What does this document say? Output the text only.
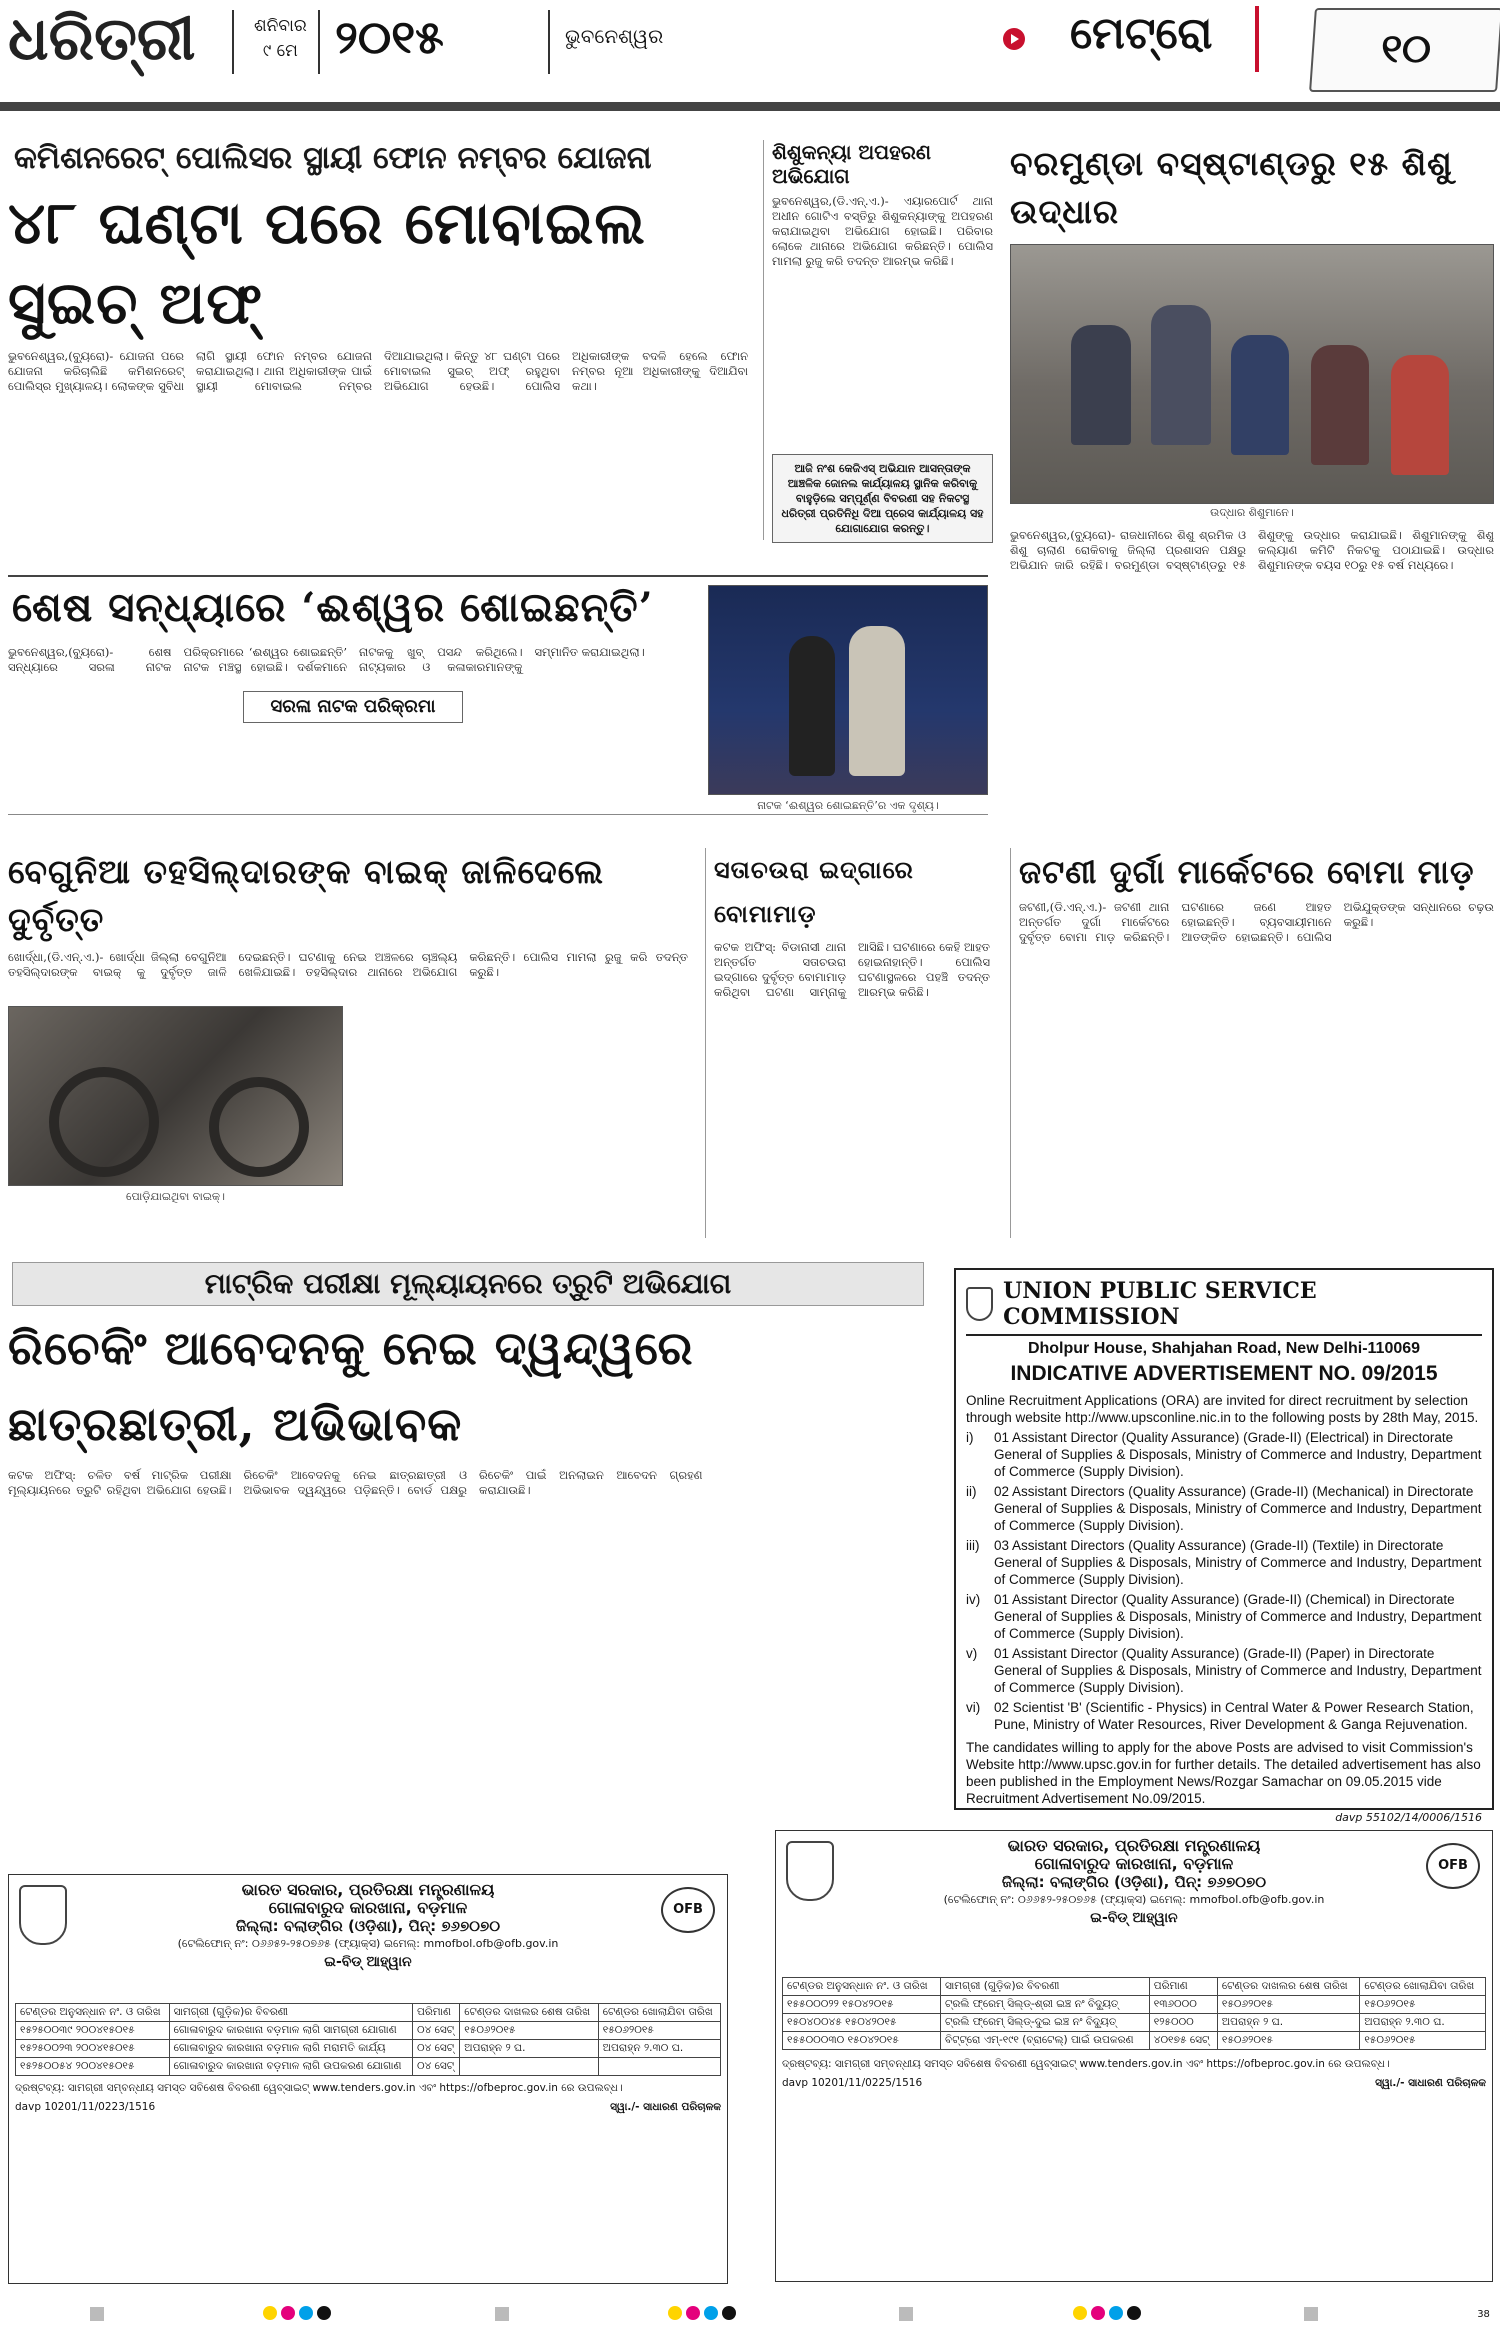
ଧରିତ୍ରୀ	ଶନିବାର
୯ ମେ ୨୦୧୫	ଭୁବନେଶ୍ୱର	ମେଟ୍ରୋ	୧୦
କମିଶନରେଟ୍ ପୋଲିସର ସ୍ଥାୟୀ ଫୋନ ନମ୍ବର ଯୋଜନା
୪୮ ଘଣ୍ଟା ପରେ ମୋବାଇଲ ସୁଇଚ୍ ଅଫ୍

ଭୁବନେଶ୍ୱର,(ବ୍ୟୁରୋ)- ଯୋଜନା ପରେ ଯୋଜନା କରିଚାଲିଛି କମିଶନରେଟ୍ ପୋଲିସ୍ର ମୁଖ୍ୟାଳୟ। ଲୋକଙ୍କ ସୁବିଧା ଲାଗି ସ୍ଥାୟୀ ଫୋନ ନମ୍ବର ଯୋଜନା କରାଯାଇଥିଲା। ଥାନା ଅଧିକାରୀଙ୍କ ପାଇଁ ସ୍ଥାୟୀ ମୋବାଇଲ ନମ୍ବର ଦିଆଯାଇଥିଲା। କିନ୍ତୁ ୪୮ ଘଣ୍ଟା ପରେ ମୋବାଇଲ ସୁଇଚ୍ ଅଫ୍ ରହୁଥିବା ଅଭିଯୋଗ ହେଉଛି। ପୋଲିସ ଅଧିକାରୀଙ୍କ ବଦଳି ହେଲେ ଫୋନ ନମ୍ବର ନୂଆ ଅଧିକାରୀଙ୍କୁ ଦିଆଯିବା କଥା।

ଶିଶୁକନ୍ୟା ଅପହରଣ ଅଭିଯୋଗ

ଭୁବନେଶ୍ୱର,(ଡି.ଏନ୍.ଏ.)- ଏୟାରପୋର୍ଟ ଥାନା ଅଧୀନ ଗୋଟିଏ ବସ୍ତିରୁ ଶିଶୁକନ୍ୟାଙ୍କୁ ଅପହରଣ କରାଯାଇଥିବା ଅଭିଯୋଗ ହୋଇଛି। ପରିବାର ଲୋକେ ଥାନାରେ ଅଭିଯୋଗ କରିଛନ୍ତି। ପୋଲିସ ମାମଲା ରୁଜୁ କରି ତଦନ୍ତ ଆରମ୍ଭ କରିଛି।

ଆଜି ନଂଶ କେଜିଏସ୍ ଅଭିଯାନ ଆସନ୍ତାଙ୍କ ଆଞ୍ଚଳିକ ଜୋନଲ କାର୍ଯ୍ୟାଳୟ ସ୍ଥାନିକ କରିବାକୁ ବାହୁଡ଼ିଲେ ସମ୍ପୂର୍ଣ୍ଣ ବିବରଣୀ ସହ ନିକଟସ୍ଥ ଧରିତ୍ରୀ ପ୍ରତିନିଧି ଦିଆ ପ୍ରେସ କାର୍ଯ୍ୟାଳୟ ସହ ଯୋଗାଯୋଗ କରନ୍ତୁ।
ବରମୁଣ୍ଡା ବସ୍ଷ୍ଟାଣ୍ଡରୁ ୧୫ ଶିଶୁ ଉଦ୍ଧାର
ଉଦ୍ଧାର ଶିଶୁମାନେ।

ଭୁବନେଶ୍ୱର,(ବ୍ୟୁରୋ)- ରାଜଧାନୀରେ ଶିଶୁ ଶ୍ରମିକ ଓ ଶିଶୁ ଚାଲାଣ ରୋକିବାକୁ ଜିଲ୍ଲା ପ୍ରଶାସନ ପକ୍ଷରୁ ଅଭିଯାନ ଜାରି ରହିଛି। ବରମୁଣ୍ଡା ବସ୍ଷ୍ଟାଣ୍ଡରୁ ୧୫ ଶିଶୁଙ୍କୁ ଉଦ୍ଧାର କରାଯାଇଛି। ଶିଶୁମାନଙ୍କୁ ଶିଶୁ କଲ୍ୟାଣ କମିଟି ନିକଟକୁ ପଠାଯାଇଛି। ଉଦ୍ଧାର ଶିଶୁମାନଙ୍କ ବୟସ ୧୦ରୁ ୧୫ ବର୍ଷ ମଧ୍ୟରେ।

ଶେଷ ସନ୍ଧ୍ୟାରେ ‘ଈଶ୍ୱର ଶୋଇଛନ୍ତି’

ଭୁବନେଶ୍ୱର,(ବ୍ୟୁରୋ)- ଶେଷ ସନ୍ଧ୍ୟାରେ ସରଳା ନାଟକ ପରିକ୍ରମାରେ ‘ଈଶ୍ୱର ଶୋଇଛନ୍ତି’ ନାଟକ ମଞ୍ଚସ୍ଥ ହୋଇଛି। ଦର୍ଶକମାନେ ନାଟକକୁ ଖୁବ୍ ପସନ୍ଦ କରିଥିଲେ। ନାଟ୍ୟକାର ଓ କଳାକାରମାନଙ୍କୁ ସମ୍ମାନିତ କରାଯାଇଥିଲା।

ସରଳା ନାଟକ ପରିକ୍ରମା
ନାଟକ ‘ଈଶ୍ୱର ଶୋଇଛନ୍ତି’ର ଏକ ଦୃଶ୍ୟ।
ବେଗୁନିଆ ତହସିଲ୍ଦାରଙ୍କ ବାଇକ୍ ଜାଳିଦେଲେ ଦୁର୍ବୃତ୍ତ

ଖୋର୍ଦ୍ଧା,(ଡି.ଏନ୍.ଏ.)- ଖୋର୍ଦ୍ଧା ଜିଲ୍ଲା ବେଗୁନିଆ ତହସିଲ୍ଦାରଙ୍କ ବାଇକ୍ କୁ ଦୁର୍ବୃତ୍ତ ଜାଳି ଦେଇଛନ୍ତି। ଘଟଣାକୁ ନେଇ ଅଞ୍ଚଳରେ ଚାଞ୍ଚଲ୍ୟ ଖେଳିଯାଇଛି। ତହସିଲ୍ଦାର ଥାନାରେ ଅଭିଯୋଗ କରିଛନ୍ତି। ପୋଲିସ ମାମଲା ରୁଜୁ କରି ତଦନ୍ତ କରୁଛି।

ପୋଡ଼ିଯାଇଥିବା ବାଇକ୍।
ସତାଚଉରା ଇଦ୍ଗାରେ ବୋମାମାଡ଼

କଟକ ଅଫିସ୍: ବିଡାନାସୀ ଥାନା ଅନ୍ତର୍ଗତ ସତାଚଉରା ଇଦ୍ଗାରେ ଦୁର୍ବୃତ୍ତ ବୋମାମାଡ଼ କରିଥିବା ଘଟଣା ସାମ୍ନାକୁ ଆସିଛି। ଘଟଣାରେ କେହି ଆହତ ହୋଇନାହାନ୍ତି। ପୋଲିସ ଘଟଣାସ୍ଥଳରେ ପହଞ୍ଚି ତଦନ୍ତ ଆରମ୍ଭ କରିଛି।

ଜଟଣୀ ଦୁର୍ଗା ମାର୍କେଟରେ ବୋମା ମାଡ଼

ଜଟଣୀ,(ଡି.ଏନ୍.ଏ.)- ଜଟଣୀ ଥାନା ଅନ୍ତର୍ଗତ ଦୁର୍ଗା ମାର୍କେଟରେ ଦୁର୍ବୃତ୍ତ ବୋମା ମାଡ଼ କରିଛନ୍ତି। ଘଟଣାରେ ଜଣେ ଆହତ ହୋଇଛନ୍ତି। ବ୍ୟବସାୟୀମାନେ ଆତଙ୍କିତ ହୋଇଛନ୍ତି। ପୋଲିସ ଅଭିଯୁକ୍ତଙ୍କ ସନ୍ଧାନରେ ଚଢ଼ଉ କରୁଛି।

ମାଟ୍ରିକ ପରୀକ୍ଷା ମୂଲ୍ୟାୟନରେ ତ୍ରୁଟି ଅଭିଯୋଗ
ରିଚେକିଂ ଆବେଦନକୁ ନେଇ ଦ୍ୱନ୍ଦ୍ୱରେ ଛାତ୍ରଛାତ୍ରୀ, ଅଭିଭାବକ

କଟକ ଅଫିସ୍: ଚଳିତ ବର୍ଷ ମାଟ୍ରିକ ପରୀକ୍ଷା ମୂଲ୍ୟାୟନରେ ତ୍ରୁଟି ରହିଥିବା ଅଭିଯୋଗ ହେଉଛି। ରିଚେକିଂ ଆବେଦନକୁ ନେଇ ଛାତ୍ରଛାତ୍ରୀ ଓ ଅଭିଭାବକ ଦ୍ୱନ୍ଦ୍ୱରେ ପଡ଼ିଛନ୍ତି। ବୋର୍ଡ ପକ୍ଷରୁ ରିଚେକିଂ ପାଇଁ ଅନଲାଇନ ଆବେଦନ ଗ୍ରହଣ କରାଯାଉଛି।

UNION PUBLIC SERVICE COMMISSION
Dholpur House, Shahjahan Road, New Delhi-110069
INDICATIVE ADVERTISEMENT NO. 09/2015
Online Recruitment Applications (ORA) are invited for direct recruitment by selection through website http://www.upsconline.nic.in to the following posts by 28th May, 2015.
i)	01 Assistant Director (Quality Assurance) (Grade-II) (Electrical) in Directorate General of Supplies & Disposals, Ministry of Commerce and Industry, Department of Commerce (Supply Division).
ii)	02 Assistant Directors (Quality Assurance) (Grade-II) (Mechanical) in Directorate General of Supplies & Disposals, Ministry of Commerce and Industry, Department of Commerce (Supply Division).
iii)	03 Assistant Directors (Quality Assurance) (Grade-II) (Textile) in Directorate General of Supplies & Disposals, Ministry of Commerce and Industry, Department of Commerce (Supply Division).
iv)	01 Assistant Director (Quality Assurance) (Grade-II) (Chemical) in Directorate General of Supplies & Disposals, Ministry of Commerce and Industry, Department of Commerce (Supply Division).
v)	01 Assistant Director (Quality Assurance) (Grade-II) (Paper) in Directorate General of Supplies & Disposals, Ministry of Commerce and Industry, Department of Commerce (Supply Division).
vi)	02 Scientist 'B' (Scientific - Physics) in Central Water & Power Research Station, Pune, Ministry of Water Resources, River Development & Ganga Rejuvenation.
The candidates willing to apply for the above Posts are advised to visit Commission's Website http://www.upsc.gov.in for further details. The detailed advertisement has also been published in the Employment News/Rozgar Samachar on 09.05.2015 vide Recruitment Advertisement No.09/2015.
davp 55102/14/0006/1516
OFB
ଭାରତ ସରକାର, ପ୍ରତିରକ୍ଷା ମନ୍ତ୍ରଣାଳୟ
ଗୋଳାବାରୁଦ କାରଖାନା, ବଡ଼ମାଳ
ଜିଲ୍ଲା: ବଲାଙ୍ଗିର (ଓଡ଼ିଶା), ପିନ୍: ୭୬୭୦୭୦
(ଟେଲିଫୋନ୍ ନଂ: ୦୬୬୫୨-୨୫୦୭୬୫ (ଫ୍ୟାକ୍ସ) ଇମେଲ୍: mmofbol.ofb@ofb.gov.in
ଇ-ବିଡ୍ ଆହ୍ୱାନ
ଟେଣ୍ଡର ଅନୁସନ୍ଧାନ ନଂ. ଓ ତାରିଖ	ସାମଗ୍ରୀ (ଗୁଡ଼ିକ)ର ବିବରଣୀ	ପରିମାଣ	ଟେଣ୍ଡର ଦାଖଲର ଶେଷ ତାରିଖ	ଟେଣ୍ଡର ଖୋଲାଯିବା ତାରିଖ
୧୫୨୫୦୦୩୯ ୨୦୦୪୧୫୦୧୫	ଗୋଳାବାରୁଦ କାରଖାନା ବଡ଼ମାଳ ଲାଗି ସାମଗ୍ରୀ ଯୋଗାଣ	୦୪ ସେଟ୍	୧୫୦୬୨୦୧୫	୧୫୦୬୨୦୧୫
୧୫୨୫୦୦୨୩ ୨୦୦୪୧୫୦୧୫	ଗୋଳାବାରୁଦ କାରଖାନା ବଡ଼ମାଳ ଲାଗି ମରାମତି କାର୍ଯ୍ୟ	୦୪ ସେଟ୍	ଅପରାହ୍ନ ୨ ଘ.	ଅପରାହ୍ନ ୨.୩୦ ଘ.
୧୫୨୫୦୦୫୪ ୨୦୦୪୧୫୦୧୫	ଗୋଳାବାରୁଦ କାରଖାନା ବଡ଼ମାଳ ଲାଗି ଉପକରଣ ଯୋଗାଣ	୦୪ ସେଟ୍		
ଦ୍ରଷ୍ଟବ୍ୟ: ସାମଗ୍ରୀ ସମ୍ବନ୍ଧୀୟ ସମସ୍ତ ସବିଶେଷ ବିବରଣୀ ୱେବ୍‌ସାଇଟ୍ www.tenders.gov.in ଏବଂ https://ofbeproc.gov.in ରେ ଉପଲବ୍ଧ।
davp 10201/11/0223/1516	ସ୍ୱା./- ସାଧାରଣ ପରିଚାଳକ
OFB
ଭାରତ ସରକାର, ପ୍ରତିରକ୍ଷା ମନ୍ତ୍ରଣାଳୟ
ଗୋଳାବାରୁଦ କାରଖାନା, ବଡ଼ମାଳ
ଜିଲ୍ଲା: ବଲାଙ୍ଗିର (ଓଡ଼ିଶା), ପିନ୍: ୭୬୭୦୭୦
(ଟେଲିଫୋନ୍ ନଂ: ୦୬୬୫୨-୨୫୦୭୬୫ (ଫ୍ୟାକ୍ସ) ଇମେଲ୍: mmofbol.ofb@ofb.gov.in
ଇ-ବିଡ୍ ଆହ୍ୱାନ
ଟେଣ୍ଡର ଅନୁସନ୍ଧାନ ନଂ. ଓ ତାରିଖ	ସାମଗ୍ରୀ (ଗୁଡ଼ିକ)ର ବିବରଣୀ	ପରିମାଣ	ଟେଣ୍ଡର ଦାଖଲର ଶେଷ ତାରିଖ	ଟେଣ୍ଡର ଖୋଲାଯିବା ତାରିଖ
୧୫୫୦୦୦୨୨ ୧୫୦୪୨୦୧୫	ଟ୍ରଲି ଫ୍ରେମ୍ ସିଲ୍ଡ୍-ଶ୍ରୀ ଇଞ୍ଚ ନଂ ବିଦ୍ୟୁତ୍	୧୩୬୦୦୦	୧୫୦୬୨୦୧୫	୧୫୦୬୨୦୧୫
୧୫୦୪୦୦୪୫ ୧୫୦୪୨୦୧୫	ଟ୍ରଲି ଫ୍ରେମ୍ ସିଲ୍ଡ୍-ଦୁଇ ଇଞ୍ଚ ନଂ ବିଦ୍ୟୁତ୍	୧୨୫୦୦୦	ଅପରାହ୍ନ ୨ ଘ.	ଅପରାହ୍ନ ୨.୩୦ ଘ.
୧୫୫୦୦୦୩୦ ୧୫୦୪୨୦୧୫	ବିଟ୍‌ଟ୍ରୋ ଏମ୍-୧୯୧ (ବ୍ରାଟେଲ୍) ପାଇଁ ଉପକରଣ	୪୦୧୭୫ ସେଟ୍	୧୫୦୬୨୦୧୫	୧୫୦୬୨୦୧୫
ଦ୍ରଷ୍ଟବ୍ୟ: ସାମଗ୍ରୀ ସମ୍ବନ୍ଧୀୟ ସମସ୍ତ ସବିଶେଷ ବିବରଣୀ ୱେବ୍‌ସାଇଟ୍ www.tenders.gov.in ଏବଂ https://ofbeproc.gov.in ରେ ଉପଲବ୍ଧ।
davp 10201/11/0225/1516	ସ୍ୱା./- ସାଧାରଣ ପରିଚାଳକ
38
